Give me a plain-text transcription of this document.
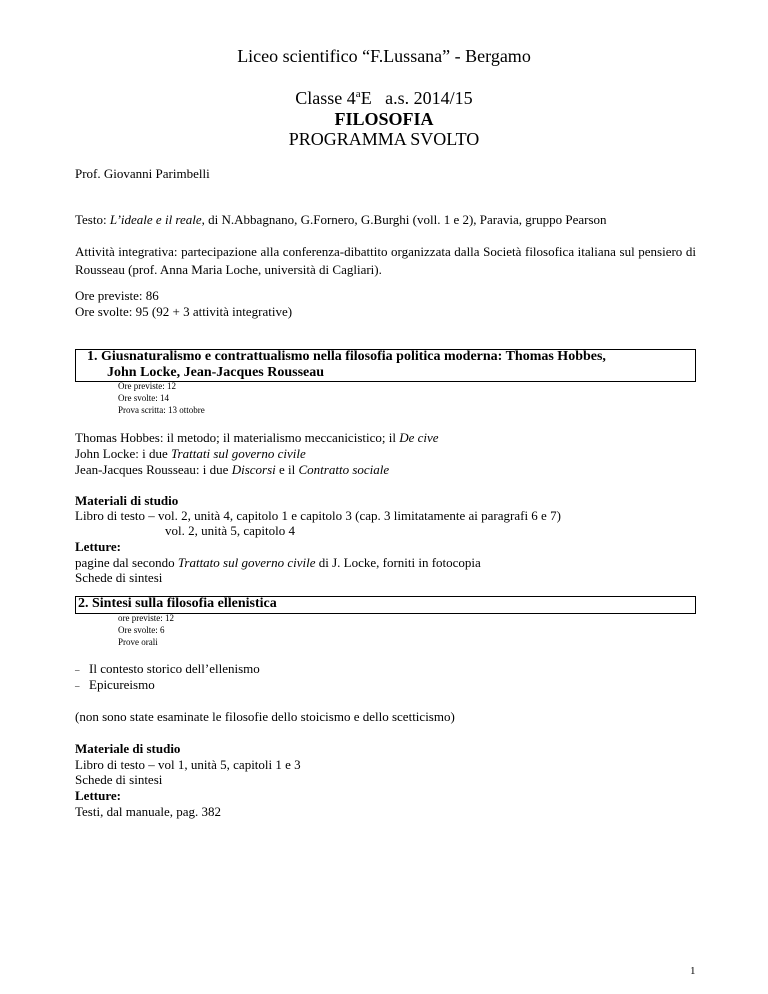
Liceo scientifico “F.Lussana” - Bergamo
Classe 4$^a$E   a.s. 2014/15
FILOSOFIA
PROGRAMMA SVOLTO
Prof. Giovanni Parimbelli
Testo: L’ideale e il reale, di N.Abbagnano, G.Fornero, G.Burghi (voll. 1 e 2), Paravia, gruppo Pearson
Attività integrativa: partecipazione alla conferenza-dibattito organizzata dalla Società filosofica italiana sul pensiero di Rousseau (prof. Anna Maria Loche, università di Cagliari).
Ore previste: 86
Ore svolte: 95 (92 + 3 attività integrative)
1. Giusnaturalismo e contrattualismo nella filosofia politica moderna: Thomas Hobbes,
John Locke, Jean-Jacques Rousseau
Ore previste: 12
Ore svolte: 14
Prova scritta: 13 ottobre
Thomas Hobbes: il metodo; il materialismo meccanicistico; il De cive
John Locke: i due Trattati sul governo civile
Jean-Jacques Rousseau: i due Discorsi e il Contratto sociale
Materiali di studio
Libro di testo – vol. 2, unità 4, capitolo 1 e capitolo 3 (cap. 3 limitatamente ai paragrafi 6 e 7)
vol. 2, unità 5, capitolo 4
Letture:
pagine dal secondo Trattato sul governo civile di J. Locke, forniti in fotocopia
Schede di sintesi
2. Sintesi sulla filosofia ellenistica
ore previste: 12
Ore svolte: 6
Prove orali
– Il contesto storico dell’ellenismo
– Epicureismo
(non sono state esaminate le filosofie dello stoicismo e dello scetticismo)
Materiale di studio
Libro di testo – vol 1, unità 5, capitoli 1 e 3
Schede di sintesi
Letture:
Testi, dal manuale, pag. 382
1
